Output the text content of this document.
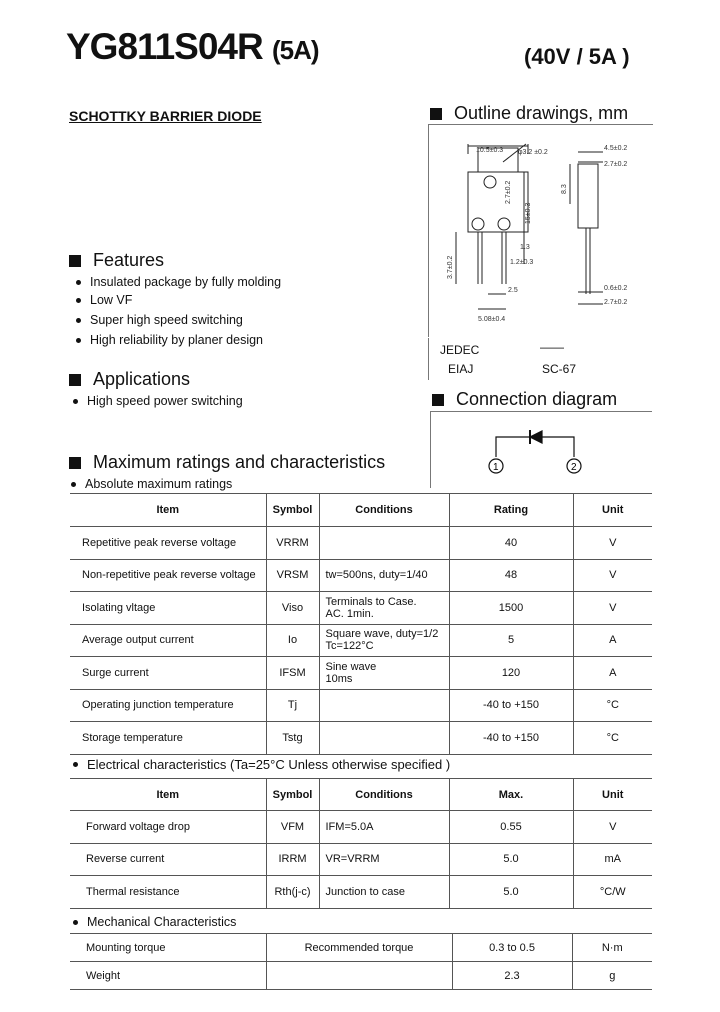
YG811S04R (5A)	(40V / 5A )
SCHOTTKY BARRIER DIODE	Outline drawings, mm
10.5±0.3 φ3.2 ±0.2
4.5±0.2
2.7±0.2
2.7±0.2
15±0.3
3.7±0.2
1.3
1.2±0.3
0.6±0.2
2.7±0.2
5.08±0.4
2.5
8.3
JEDEC	——
EIAJ	SC-67
Features
Insulated package by fully molding
Low VF
Super high speed switching
High reliability by planer design
Applications
High speed power switching	Connection diagram
1	2
Maximum ratings and characteristics
Absolute maximum ratings
Item	Symbol	Conditions	Rating	Unit
Repetitive peak reverse voltage	VRRM		40	V
Non-repetitive peak reverse voltage	VRSM	tw=500ns, duty=1/40	48	V
Isolating vltage	Viso	Terminals to Case.
AC. 1min.	1500	V
Average output current	Io	Square wave, duty=1/2
Tc=122°C	5	A
Surge current	IFSM	Sine wave
10ms	120	A
Operating junction temperature	Tj		-40 to +150	°C
Storage temperature	Tstg		-40 to +150	°C
Electrical characteristics (Ta=25°C Unless otherwise specified )
Item	Symbol	Conditions	Max.	Unit
Forward voltage drop	VFM	IFM=5.0A	0.55	V
Reverse current	IRRM	VR=VRRM	5.0	mA
Thermal resistance	Rth(j-c)	Junction to case	5.0	°C/W
Mechanical Characteristics
Mounting torque	Recommended torque	0.3 to 0.5	N·m
Weight		2.3	g
